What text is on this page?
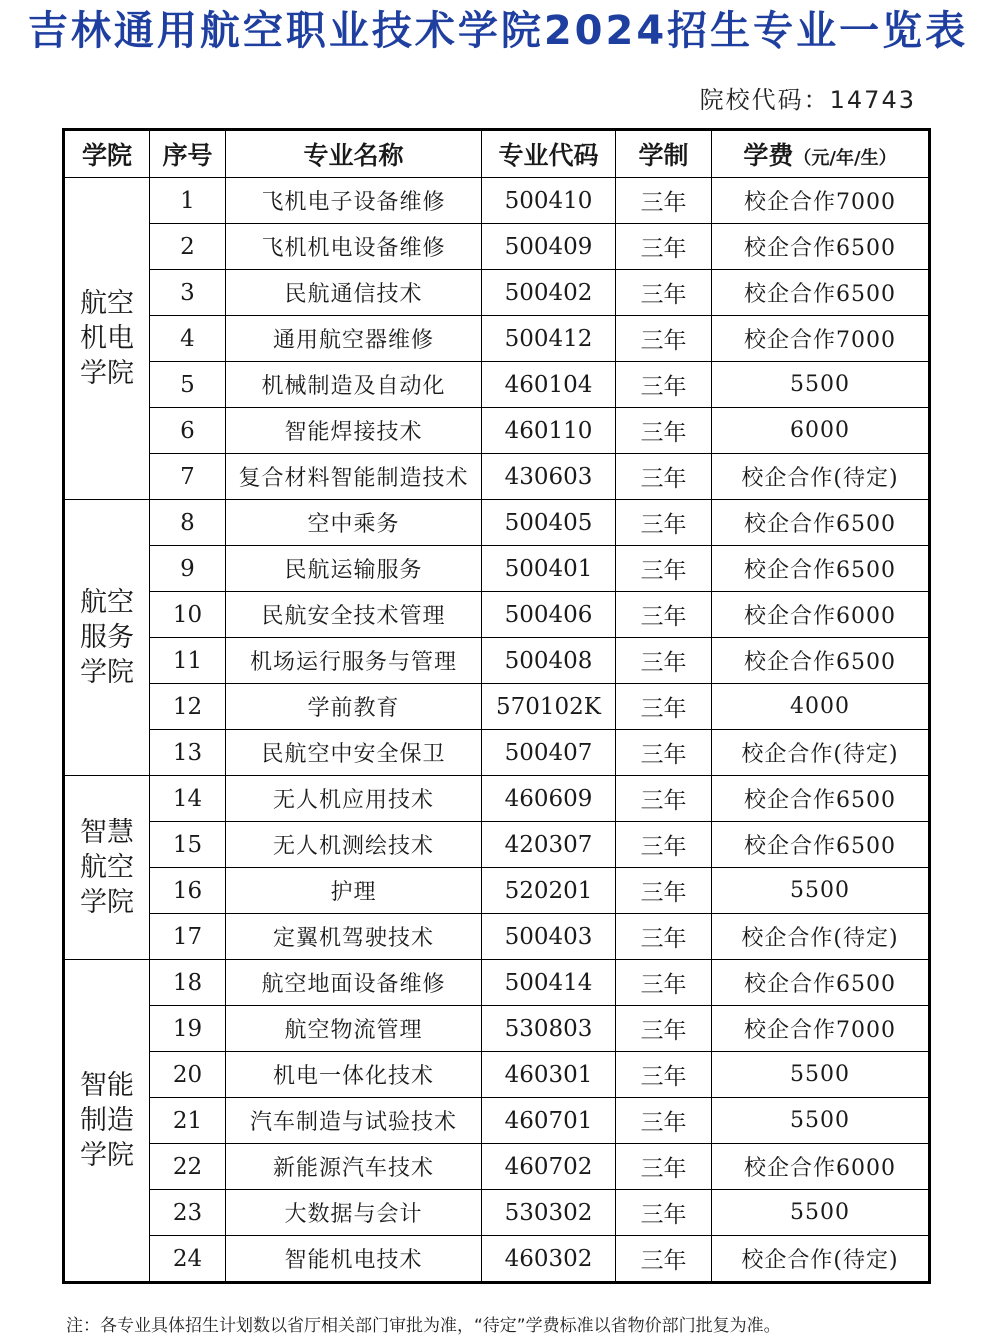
吉林通用航空职业技术学院2024招生专业一览表
院校代码：14743
学院	序号	专业名称	专业代码	学制	学费（元/年/生）
航空机电学院	1	飞机电子设备维修	500410	三年	校企合作7000
	2	飞机机电设备维修	500409	三年	校企合作6500
	3	民航通信技术	500402	三年	校企合作6500
	4	通用航空器维修	500412	三年	校企合作7000
	5	机械制造及自动化	460104	三年	5500
	6	智能焊接技术	460110	三年	6000
	7	复合材料智能制造技术	430603	三年	校企合作(待定)
航空服务学院	8	空中乘务	500405	三年	校企合作6500
	9	民航运输服务	500401	三年	校企合作6500
	10	民航安全技术管理	500406	三年	校企合作6000
	11	机场运行服务与管理	500408	三年	校企合作6500
	12	学前教育	570102K	三年	4000
	13	民航空中安全保卫	500407	三年	校企合作(待定)
智慧航空学院	14	无人机应用技术	460609	三年	校企合作6500
	15	无人机测绘技术	420307	三年	校企合作6500
	16	护理	520201	三年	5500
	17	定翼机驾驶技术	500403	三年	校企合作(待定)
智能制造学院	18	航空地面设备维修	500414	三年	校企合作6500
	19	航空物流管理	530803	三年	校企合作7000
	20	机电一体化技术	460301	三年	5500
	21	汽车制造与试验技术	460701	三年	5500
	22	新能源汽车技术	460702	三年	校企合作6000
	23	大数据与会计	530302	三年	5500
	24	智能机电技术	460302	三年	校企合作(待定)
注：各专业具体招生计划数以省厅相关部门审批为准，“待定”学费标准以省物价部门批复为准。
